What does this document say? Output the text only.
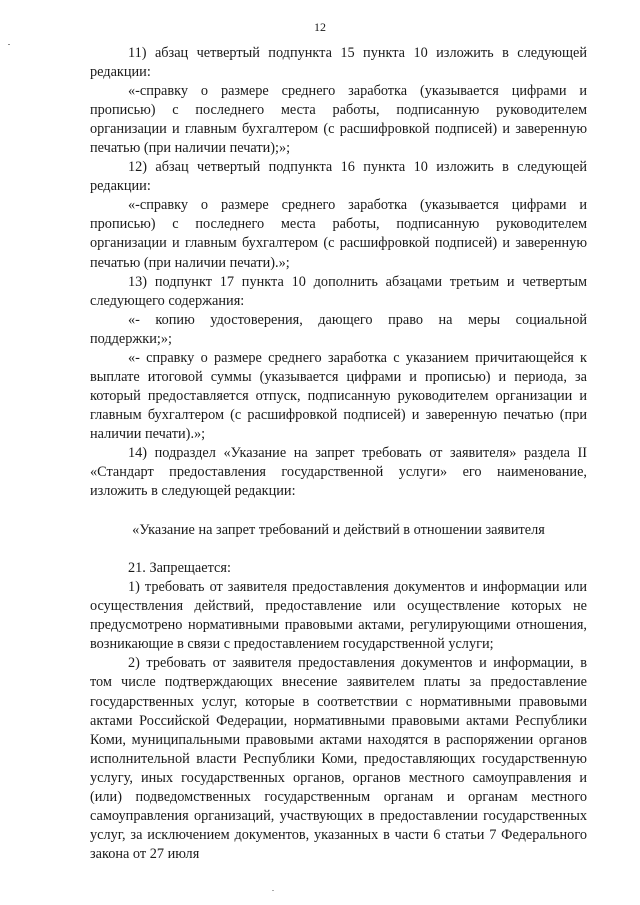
12

11) абзац четвертый подпункта 15 пункта 10 изложить в следующей редакции:

«-справку о размере среднего заработка (указывается цифрами и прописью) с последнего места работы, подписанную руководителем организации и главным бухгалтером (с расшифровкой подписей) и заверенную печатью (при наличии печати);»;

12) абзац четвертый подпункта 16 пункта 10 изложить в следующей редакции:

«-справку о размере среднего заработка (указывается цифрами и прописью) с последнего места работы, подписанную руководителем организации и главным бухгалтером (с расшифровкой подписей) и заверенную печатью (при наличии печати).»;

13) подпункт 17 пункта 10 дополнить абзацами третьим и четвертым следующего содержания:

«- копию удостоверения, дающего право на меры социальной поддержки;»;

«- справку о размере среднего заработка с указанием причитающейся к выплате итоговой суммы (указывается цифрами и прописью) и периода, за который предоставляется отпуск, подписанную руководителем организации и главным бухгалтером (с расшифровкой подписей) и заверенную печатью (при наличии печати).»;

14) подраздел «Указание на запрет требовать от заявителя» раздела II «Стандарт предоставления государственной услуги» его наименование, изложить в следующей редакции:

«Указание на запрет требований и действий в отношении заявителя

21. Запрещается:

1) требовать от заявителя предоставления документов и информации или осуществления действий, предоставление или осуществление которых не предусмотрено нормативными правовыми актами, регулирующими отношения, возникающие в связи с предоставлением государственной услуги;

2) требовать от заявителя предоставления документов и информации, в том числе подтверждающих внесение заявителем платы за предоставление государственных услуг, которые в соответствии с нормативными правовыми актами Российской Федерации, нормативными правовыми актами Республики Коми, муниципальными правовыми актами находятся в распоряжении органов исполнительной власти Республики Коми, предоставляющих государственную услугу, иных государственных органов, органов местного самоуправления и (или) подведомственных государственным органам и органам местного самоуправления организаций, участвующих в предоставлении государственных услуг, за исключением документов, указанных в части 6 статьи 7 Федерального закона от 27 июля
